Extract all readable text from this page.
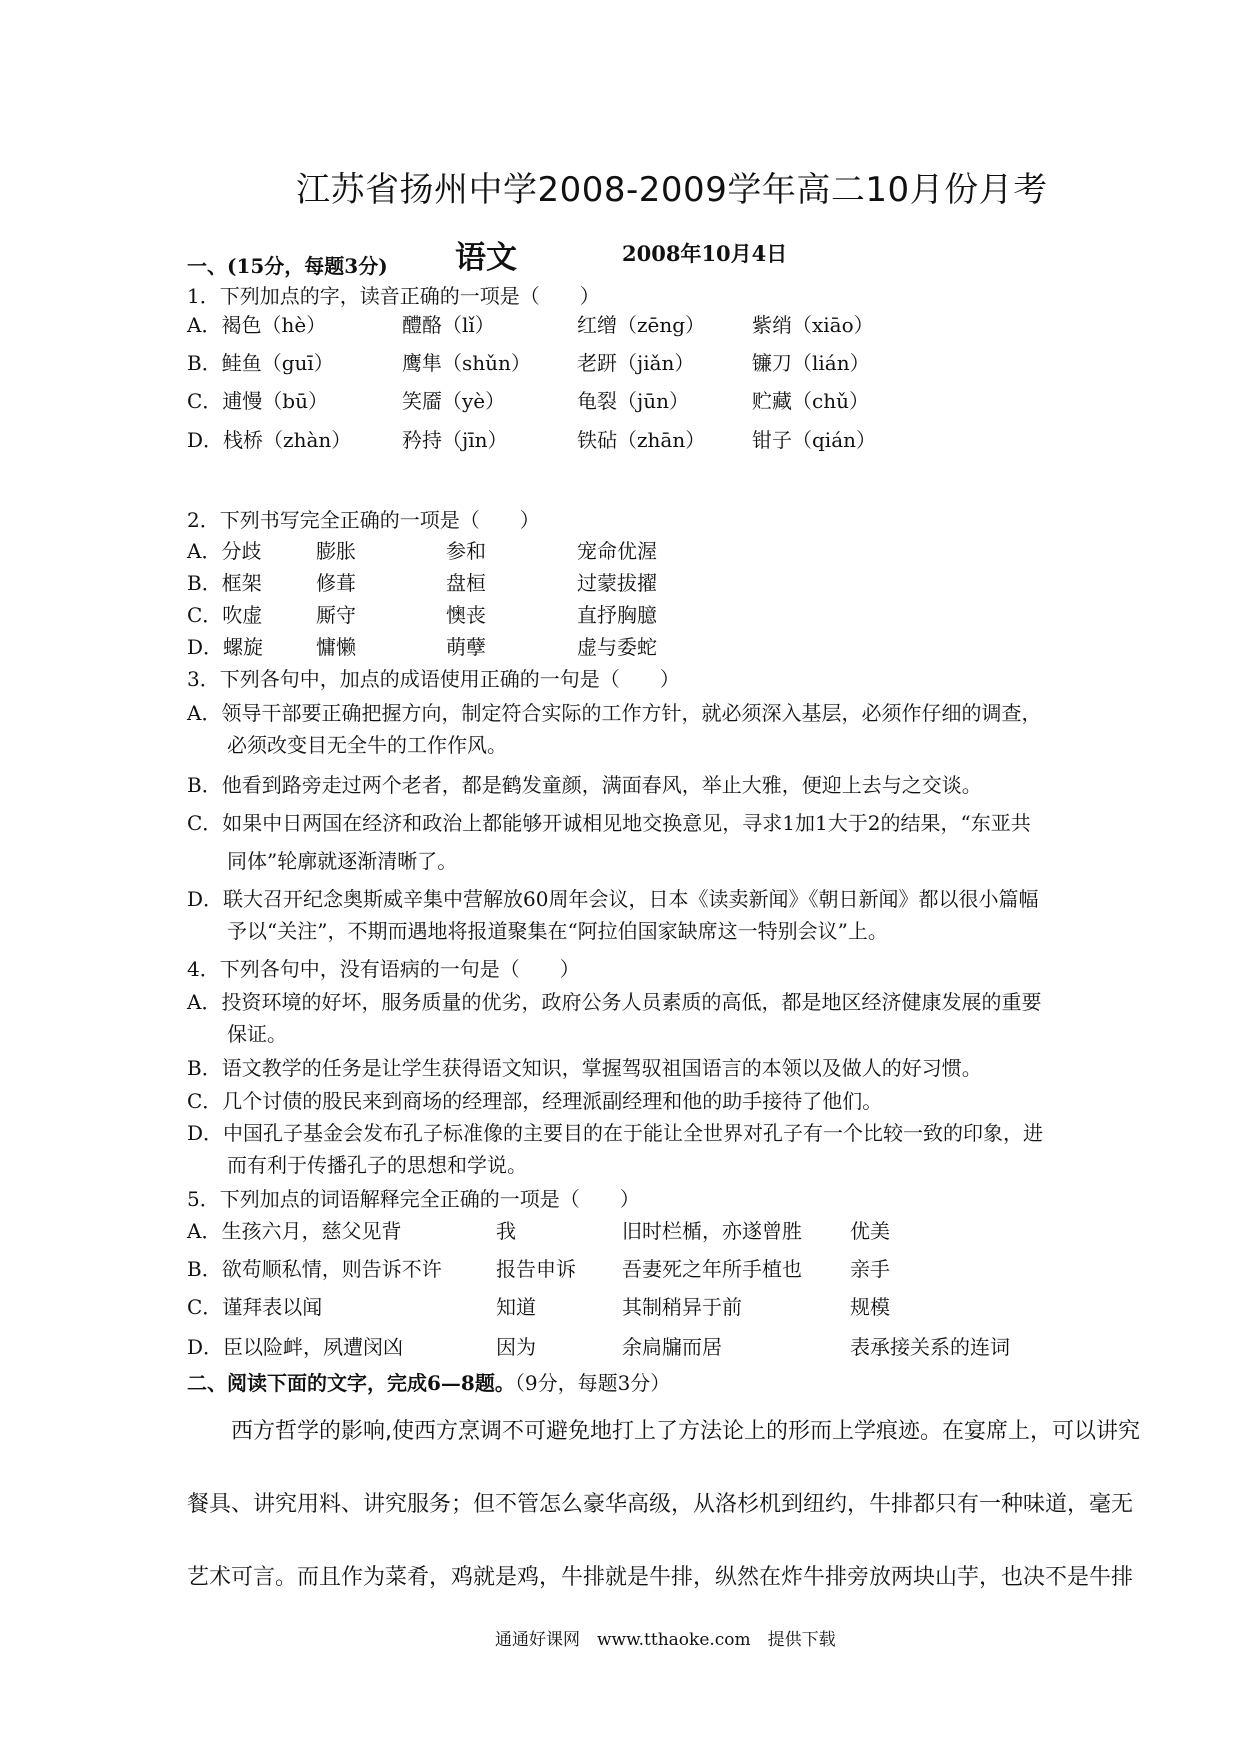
江苏省扬州中学2008-2009学年高二10月份月考
语文	2008年10月4日
一、(15分，每题3分)
1．下列加点的字，读音正确的一项是（　　）
A．褐色（hè）	醴酪（lǐ）	红缯（zēng） 紫绡（xiāo）
B．鲑鱼（guī）	鹰隼（shǔn） 老趼（jiǎn）	镰刀（lián）
C．逋慢（bū）	笑靥（yè）	龟裂（jūn）	贮藏（chǔ）
D．栈桥（zhàn）	矜持（jīn）	铁砧（zhān） 钳子（qián）
2．下列书写完全正确的一项是（　　）
A．分歧	膨胀	参和	宠命优渥
B．框架	修葺	盘桓	过蒙拔擢
C．吹虚	厮守	懊丧	直抒胸臆
D．螺旋	慵懒	萌孽	虚与委蛇
3．下列各句中，加点的成语使用正确的一句是（　　）
A．领导干部要正确把握方向，制定符合实际的工作方针，就必须深入基层，必须作仔细的调查，
　　必须改变目无全牛的工作作风。
B．他看到路旁走过两个老者，都是鹤发童颜，满面春风，举止大雅，便迎上去与之交谈。
C．如果中日两国在经济和政治上都能够开诚相见地交换意见，寻求1加1大于2的结果，“东亚共
　　同体”轮廓就逐渐清晰了。
D．联大召开纪念奥斯威辛集中营解放60周年会议，日本《读卖新闻》《朝日新闻》都以很小篇幅
　　予以“关注”，不期而遇地将报道聚集在“阿拉伯国家缺席这一特别会议”上。
4．下列各句中，没有语病的一句是（　　）
A．投资环境的好坏，服务质量的优劣，政府公务人员素质的高低，都是地区经济健康发展的重要
　　保证。
B．语文教学的任务是让学生获得语文知识，掌握驾驭祖国语言的本领以及做人的好习惯。
C．几个讨债的股民来到商场的经理部，经理派副经理和他的助手接待了他们。
D．中国孔子基金会发布孔子标准像的主要目的在于能让全世界对孔子有一个比较一致的印象，进
　　而有利于传播孔子的思想和学说。
5．下列加点的词语解释完全正确的一项是（　　）
A．生孩六月，慈父见背	我	旧时栏楯，亦遂曾胜 优美
B．欲苟顺私情，则告诉不许	报告申诉 吾妻死之年所手植也 亲手
C．谨拜表以闻	知道	其制稍异于前	规模
D．臣以险衅，夙遭闵凶	因为	余扃牖而居	表承接关系的连词
二、阅读下面的文字，完成6—8题。（9分，每题3分）
　　西方哲学的影响,使西方烹调不可避免地打上了方法论上的形而上学痕迹。在宴席上，可以讲究
餐具、讲究用料、讲究服务；但不管怎么豪华高级，从洛杉机到纽约，牛排都只有一种味道，毫无
艺术可言。而且作为菜肴，鸡就是鸡，牛排就是牛排，纵然在炸牛排旁放两块山芋，也决不是牛排
通通好课网　www.tthaoke.com　提供下载
